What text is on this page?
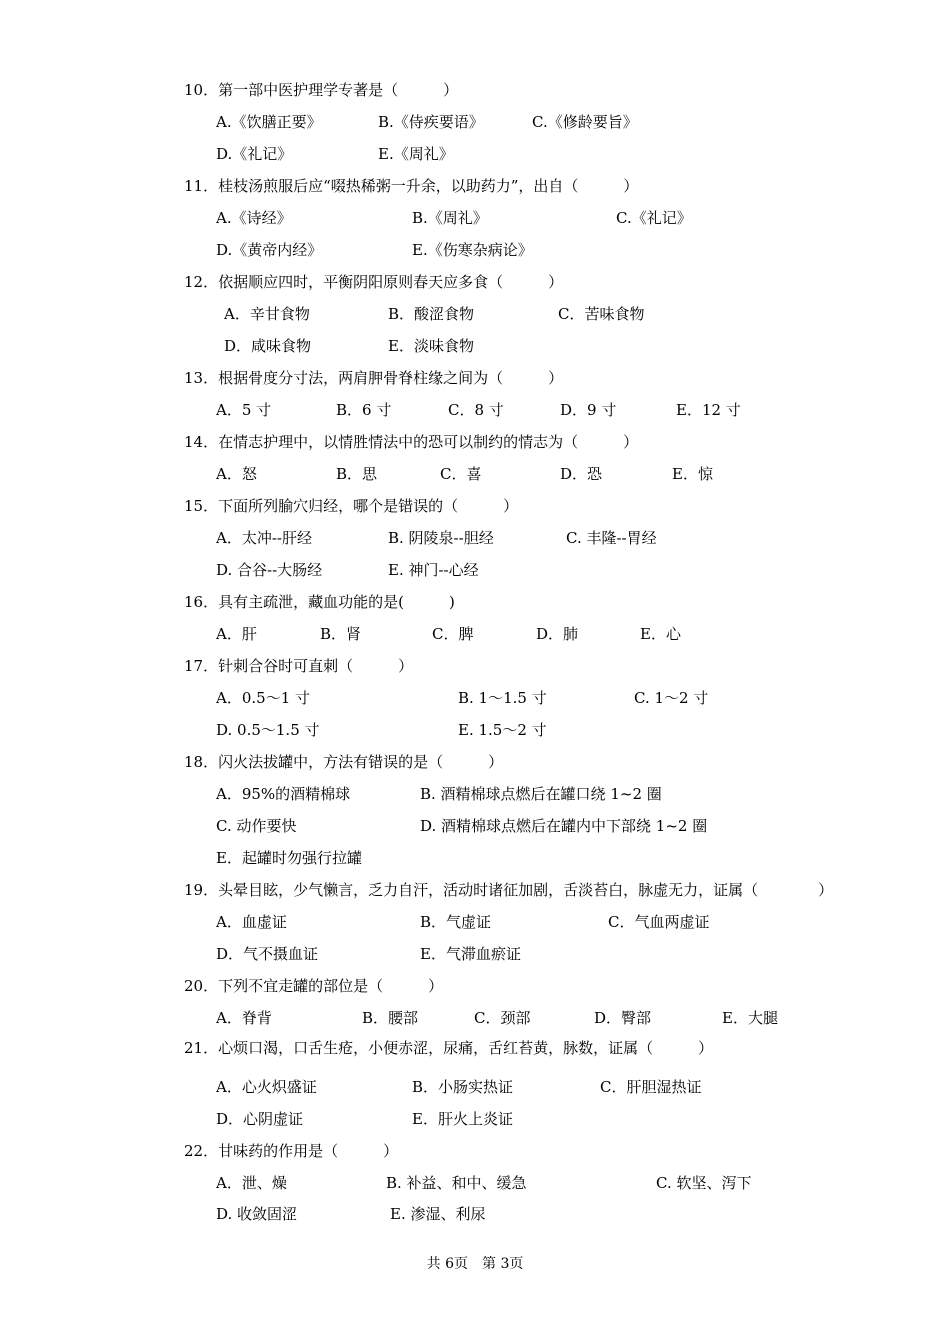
10．第一部中医护理学专著是（　　　）
A.《饮膳正要》	B.《侍疾要语》	C.《修龄要旨》
D.《礼记》	E.《周礼》
11．桂枝汤煎服后应“啜热稀粥一升余，以助药力”，出自（　　　）
A.《诗经》	B.《周礼》	C.《礼记》
D.《黄帝内经》	E.《伤寒杂病论》
12．依据顺应四时，平衡阴阳原则春天应多食（　　　）
A．辛甘食物	B．酸涩食物	C．苦味食物
D．咸味食物	E．淡味食物
13．根据骨度分寸法，两肩胛骨脊柱缘之间为（　　　）
A．5 寸	B．6 寸	C．8 寸	D．9 寸	E．12 寸
14．在情志护理中，以情胜情法中的恐可以制约的情志为（　　　）
A．怒	B．思	C．喜	D．恐	E．惊
15．下面所列腧穴归经，哪个是错误的（　　　）
A．太冲--肝经	B. 阴陵泉--胆经	C. 丰隆--胃经
D. 合谷--大肠经	E. 神门--心经
16．具有主疏泄，藏血功能的是(　　　)
A．肝	B．肾	C．脾	D．肺	E．心
17．针刺合谷时可直刺（　　　）
A．0.5～1 寸	B. 1～1.5 寸	C. 1～2 寸
D. 0.5～1.5 寸	E. 1.5～2 寸
18．闪火法拔罐中，方法有错误的是（　　　）
A．95%的酒精棉球	B. 酒精棉球点燃后在罐口绕 1~2 圈
C. 动作要快	D. 酒精棉球点燃后在罐内中下部绕 1~2 圈
E．起罐时勿强行拉罐
19．头晕目眩，少气懒言，乏力自汗，活动时诸征加剧，舌淡苔白，脉虚无力，证属（　　　　）
A．血虚证	B．气虚证	C．气血两虚证
D．气不摄血证	E．气滞血瘀证
20．下列不宜走罐的部位是（　　　）
A．脊背	B．腰部	C．颈部	D．臀部	E．大腿
21．心烦口渴，口舌生疮，小便赤涩，尿痛，舌红苔黄，脉数，证属（　　　）
A．心火炽盛证	B．小肠实热证	C．肝胆湿热证
D．心阴虚证	E．肝火上炎证
22．甘味药的作用是（　　　）
A．泄、燥	B. 补益、和中、缓急	C. 软坚、泻下
D. 收敛固涩	E. 渗湿、利尿
共 6页　第 3页
